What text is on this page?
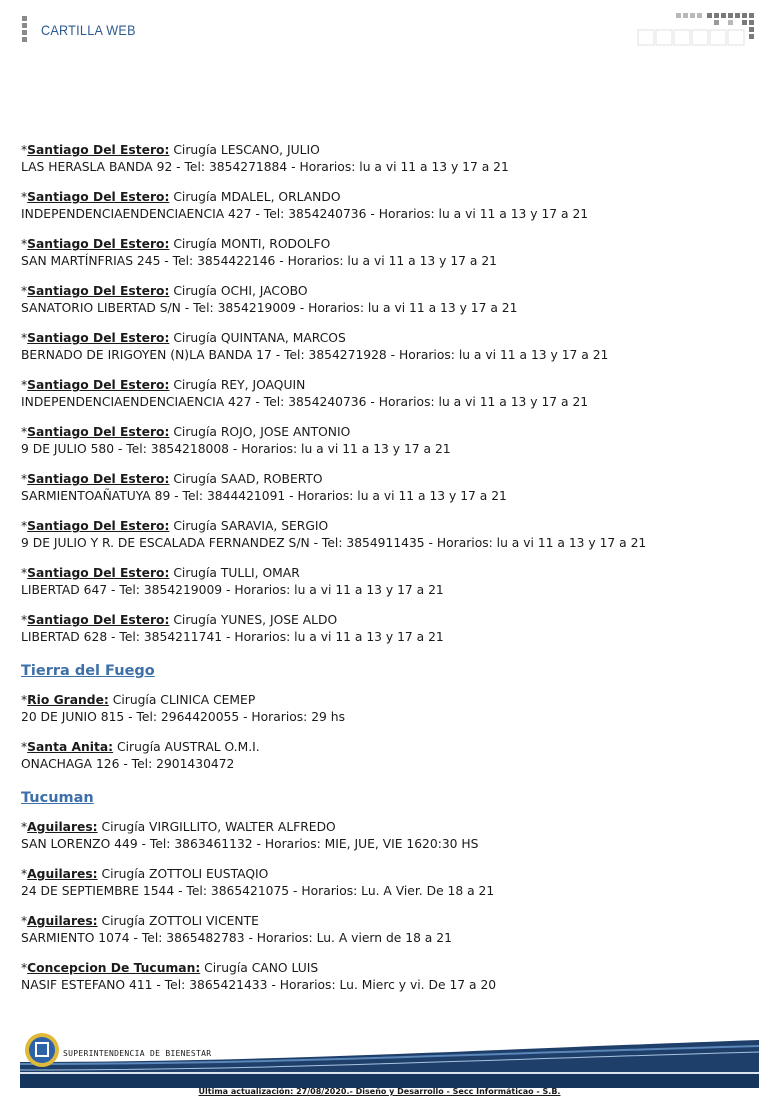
CARTILLA WEB
*Santiago Del Estero: Cirugía LESCANO, JULIO
LAS HERASLA BANDA 92 - Tel: 3854271884 - Horarios: lu a vi 11 a 13 y 17 a 21
*Santiago Del Estero: Cirugía MDALEL, ORLANDO
INDEPENDENCIAENDENCIAENCIA 427 - Tel: 3854240736 - Horarios: lu a vi 11 a 13 y 17 a 21
*Santiago Del Estero: Cirugía MONTI, RODOLFO
SAN MARTÍNFRIAS 245 - Tel: 3854422146 - Horarios: lu a vi 11 a 13 y 17 a 21
*Santiago Del Estero: Cirugía OCHI, JACOBO
SANATORIO LIBERTAD S/N - Tel: 3854219009 - Horarios: lu a vi 11 a 13 y 17 a 21
*Santiago Del Estero: Cirugía QUINTANA, MARCOS
BERNADO DE IRIGOYEN (N)LA BANDA 17 - Tel: 3854271928 - Horarios: lu a vi 11 a 13 y 17 a 21
*Santiago Del Estero: Cirugía REY, JOAQUIN
INDEPENDENCIAENDENCIAENCIA 427 - Tel: 3854240736 - Horarios: lu a vi 11 a 13 y 17 a 21
*Santiago Del Estero: Cirugía ROJO, JOSE ANTONIO
9 DE JULIO 580 - Tel: 3854218008 - Horarios: lu a vi 11 a 13 y 17 a 21
*Santiago Del Estero: Cirugía SAAD, ROBERTO
SARMIENTOAÑATUYA 89 - Tel: 3844421091 - Horarios: lu a vi 11 a 13 y 17 a 21
*Santiago Del Estero: Cirugía SARAVIA, SERGIO
9 DE JULIO Y R. DE ESCALADA FERNANDEZ S/N - Tel: 3854911435 - Horarios: lu a vi 11 a 13 y 17 a 21
*Santiago Del Estero: Cirugía TULLI, OMAR
LIBERTAD 647 - Tel: 3854219009 - Horarios: lu a vi 11 a 13 y 17 a 21
*Santiago Del Estero: Cirugía YUNES, JOSE ALDO
LIBERTAD 628 - Tel: 3854211741 - Horarios: lu a vi 11 a 13 y 17 a 21
Tierra del Fuego
*Rio Grande: Cirugía CLINICA CEMEP
20 DE JUNIO 815 - Tel: 2964420055 - Horarios: 29 hs
*Santa Anita: Cirugía AUSTRAL O.M.I.
ONACHAGA 126 - Tel: 2901430472
Tucuman
*Aguilares: Cirugía VIRGILLITO, WALTER ALFREDO
SAN LORENZO 449 - Tel: 3863461132 - Horarios: MIE, JUE, VIE 1620:30 HS
*Aguilares: Cirugía ZOTTOLI EUSTAQIO
24 DE SEPTIEMBRE 1544 - Tel: 3865421075 - Horarios: Lu. A Vier. De 18 a 21
*Aguilares: Cirugía ZOTTOLI VICENTE
SARMIENTO 1074 - Tel: 3865482783 - Horarios: Lu. A viern de 18 a 21
*Concepcion De Tucuman: Cirugía CANO LUIS
NASIF ESTEFANO 411 - Tel: 3865421433 - Horarios: Lu. Mierc y vi. De 17 a 20
SUPERINTENDENCIA DE BIENESTAR
Ultima actualización: 27/08/2020.- Diseño y Desarrollo - Secc Informáticao - S.B.
